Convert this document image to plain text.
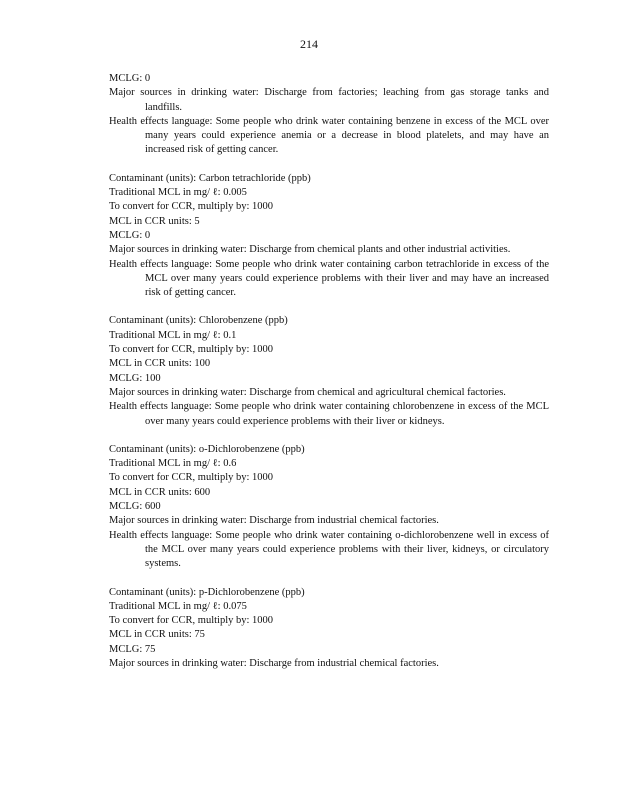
214
MCLG: 0
Major sources in drinking water: Discharge from factories; leaching from gas storage tanks and landfills.
Health effects language: Some people who drink water containing benzene in excess of the MCL over many years could experience anemia or a decrease in blood platelets, and may have an increased risk of getting cancer.
Contaminant (units): Carbon tetrachloride (ppb)
Traditional MCL in mg/ ℓ: 0.005
To convert for CCR, multiply by: 1000
MCL in CCR units: 5
MCLG: 0
Major sources in drinking water: Discharge from chemical plants and other industrial activities.
Health effects language: Some people who drink water containing carbon tetrachloride in excess of the MCL over many years could experience problems with their liver and may have an increased risk of getting cancer.
Contaminant (units): Chlorobenzene (ppb)
Traditional MCL in mg/ ℓ: 0.1
To convert for CCR, multiply by: 1000
MCL in CCR units: 100
MCLG: 100
Major sources in drinking water: Discharge from chemical and agricultural chemical factories.
Health effects language: Some people who drink water containing chlorobenzene in excess of the MCL over many years could experience problems with their liver or kidneys.
Contaminant (units): o-Dichlorobenzene (ppb)
Traditional MCL in mg/ ℓ: 0.6
To convert for CCR, multiply by: 1000
MCL in CCR units: 600
MCLG: 600
Major sources in drinking water: Discharge from industrial chemical factories.
Health effects language: Some people who drink water containing o-dichlorobenzene well in excess of the MCL over many years could experience problems with their liver, kidneys, or circulatory systems.
Contaminant (units): p-Dichlorobenzene (ppb)
Traditional MCL in mg/ ℓ: 0.075
To convert for CCR, multiply by: 1000
MCL in CCR units: 75
MCLG: 75
Major sources in drinking water: Discharge from industrial chemical factories.
